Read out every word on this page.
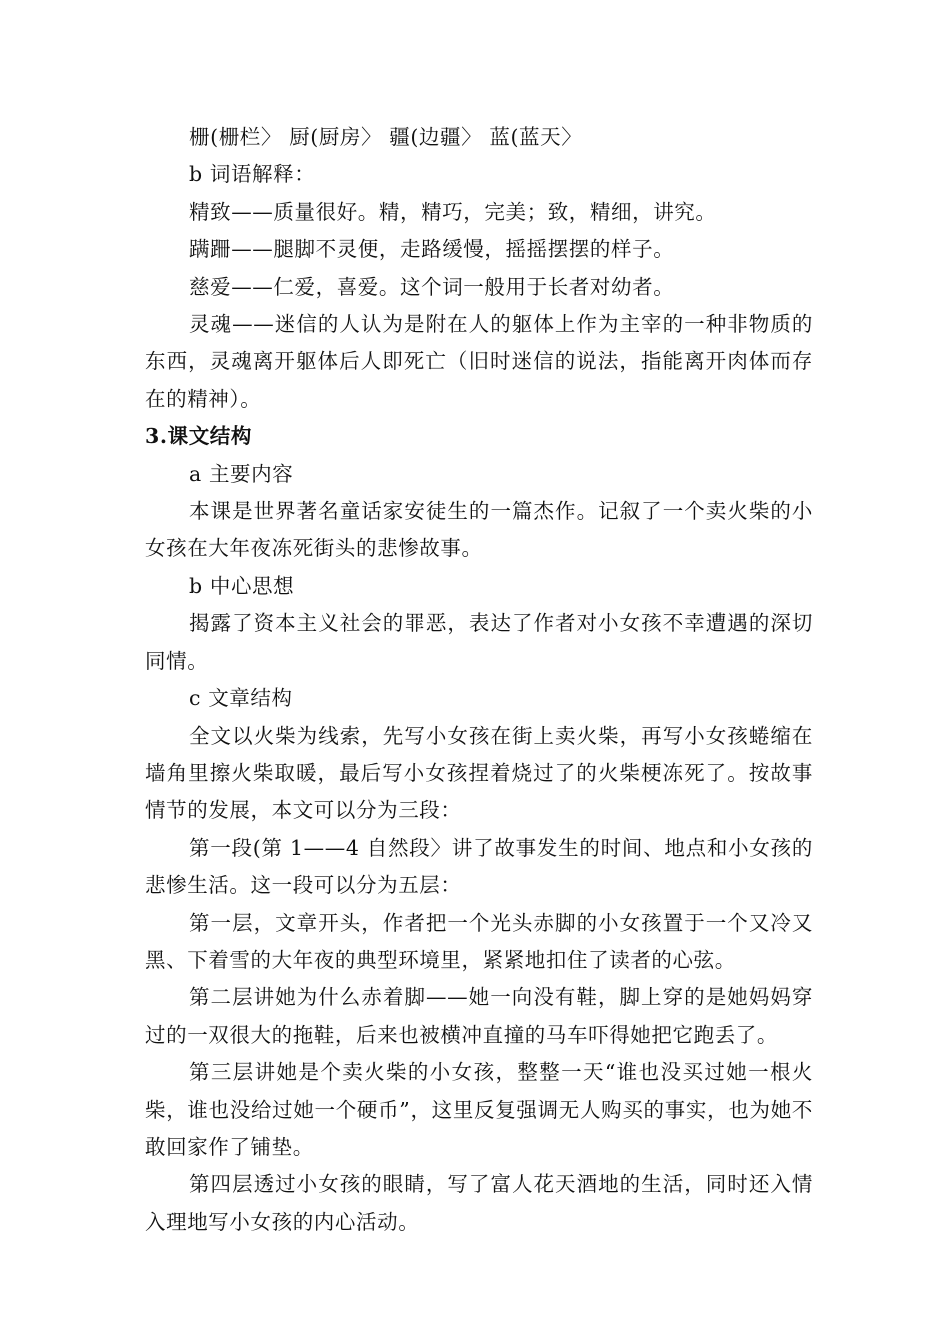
栅(栅栏〉 厨(厨房〉 疆(边疆〉 蓝(蓝天〉

b 词语解释：

精致——质量很好。精，精巧，完美；致，精细，讲究。

蹒跚——腿脚不灵便，走路缓慢，摇摇摆摆的样子。

慈爱——仁爱，喜爱。这个词一般用于长者对幼者。

灵魂——迷信的人认为是附在人的躯体上作为主宰的一种非物质的东西，灵魂离开躯体后人即死亡（旧时迷信的说法，指能离开肉体而存在的精神）。

3.课文结构

a 主要内容

本课是世界著名童话家安徒生的一篇杰作。记叙了一个卖火柴的小女孩在大年夜冻死街头的悲惨故事。

b 中心思想

揭露了资本主义社会的罪恶，表达了作者对小女孩不幸遭遇的深切同情。

c 文章结构

全文以火柴为线索，先写小女孩在街上卖火柴，再写小女孩蜷缩在墙角里擦火柴取暖，最后写小女孩捏着烧过了的火柴梗冻死了。按故事情节的发展，本文可以分为三段：

第一段(第 1——4 自然段〉讲了故事发生的时间、地点和小女孩的悲惨生活。这一段可以分为五层：

第一层，文章开头，作者把一个光头赤脚的小女孩置于一个又冷又黑、下着雪的大年夜的典型环境里，紧紧地扣住了读者的心弦。

第二层讲她为什么赤着脚——她一向没有鞋，脚上穿的是她妈妈穿过的一双很大的拖鞋，后来也被横冲直撞的马车吓得她把它跑丢了。

第三层讲她是个卖火柴的小女孩，整整一天“谁也没买过她一根火柴，谁也没给过她一个硬币”，这里反复强调无人购买的事实，也为她不敢回家作了铺垫。

第四层透过小女孩的眼睛，写了富人花天酒地的生活，同时还入情入理地写小女孩的内心活动。
